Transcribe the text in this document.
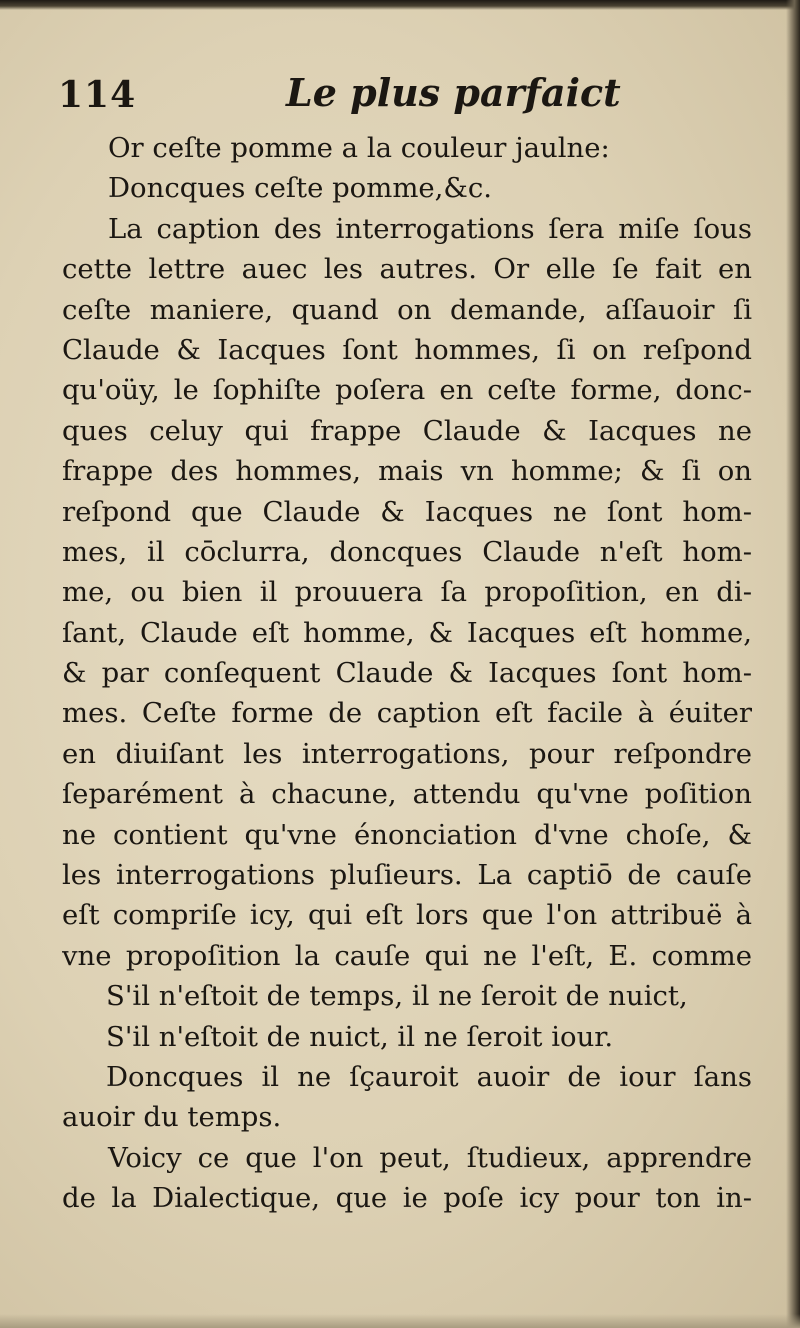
114	Le plus parfaict
Or ceſte pomme a la couleur jaulne:
Doncques ceſte pomme,&c.
La caption des interrogations ſera miſe ſous
cette lettre auec les autres. Or elle ſe fait en
ceſte maniere, quand on demande, aſſauoir ſi
Claude & Iacques ſont hommes, ſi on reſpond
qu'oüy, le ſophiſte poſera en ceſte forme, donc-
ques celuy qui frappe Claude & Iacques ne
frappe des hommes, mais vn homme; & ſi on
reſpond que Claude & Iacques ne ſont hom-
mes, il cōclurra, doncques Claude n'eſt hom-
me, ou bien il prouuera ſa propoſition, en di-
ſant, Claude eſt homme, & Iacques eſt homme,
& par conſequent Claude & Iacques ſont hom-
mes. Ceſte forme de caption eſt facile à éuiter
en diuiſant les interrogations, pour reſpondre
ſeparément à chacune, attendu qu'vne poſition
ne contient qu'vne énonciation d'vne choſe, &
les interrogations pluſieurs. La captiō de cauſe
eſt compriſe icy, qui eſt lors que l'on attribuë à
vne propoſition la cauſe qui ne l'eſt, E. comme
S'il n'eſtoit de temps, il ne ſeroit de nuict,
S'il n'eſtoit de nuict, il ne ſeroit iour.
Doncques il ne ſçauroit auoir de iour ſans
auoir du temps.
Voicy ce que l'on peut, ſtudieux, apprendre
de la Dialectique, que ie poſe icy pour ton in-
